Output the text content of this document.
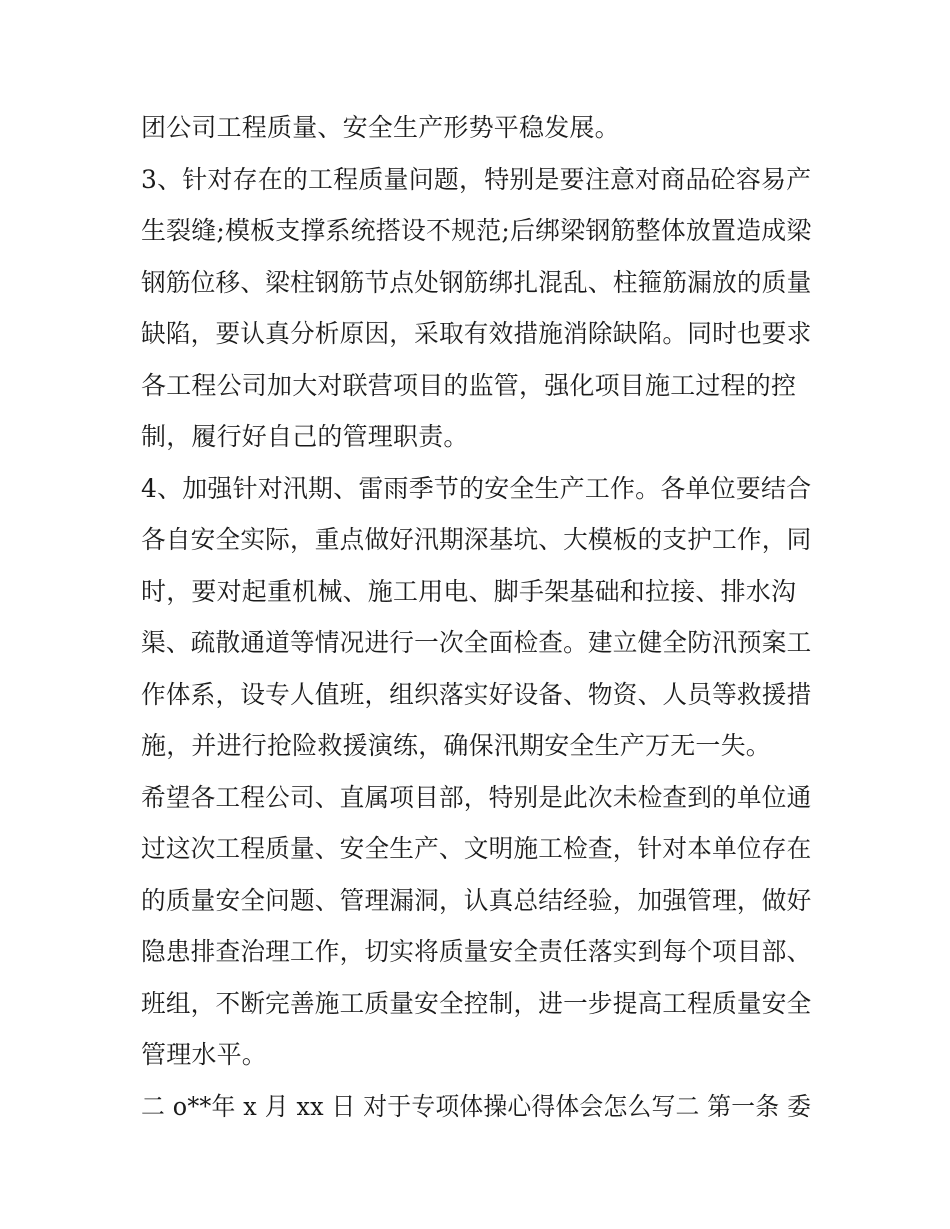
团公司工程质量、安全生产形势平稳发展。
3、针对存在的工程质量问题，特别是要注意对商品砼容易产
生裂缝;模板支撑系统搭设不规范;后绑梁钢筋整体放置造成梁
钢筋位移、梁柱钢筋节点处钢筋绑扎混乱、柱箍筋漏放的质量
缺陷，要认真分析原因，采取有效措施消除缺陷。同时也要求
各工程公司加大对联营项目的监管，强化项目施工过程的控
制，履行好自己的管理职责。
4、加强针对汛期、雷雨季节的安全生产工作。各单位要结合
各自安全实际，重点做好汛期深基坑、大模板的支护工作，同
时，要对起重机械、施工用电、脚手架基础和拉接、排水沟
渠、疏散通道等情况进行一次全面检查。建立健全防汛预案工
作体系，设专人值班，组织落实好设备、物资、人员等救援措
施，并进行抢险救援演练，确保汛期安全生产万无一失。
希望各工程公司、直属项目部，特别是此次未检查到的单位通
过这次工程质量、安全生产、文明施工检查，针对本单位存在
的质量安全问题、管理漏洞，认真总结经验，加强管理，做好
隐患排查治理工作，切实将质量安全责任落实到每个项目部、
班组，不断完善施工质量安全控制，进一步提高工程质量安全
管理水平。
二 o**年 x 月 xx 日 对于专项体操心得体会怎么写二 第一条 委
